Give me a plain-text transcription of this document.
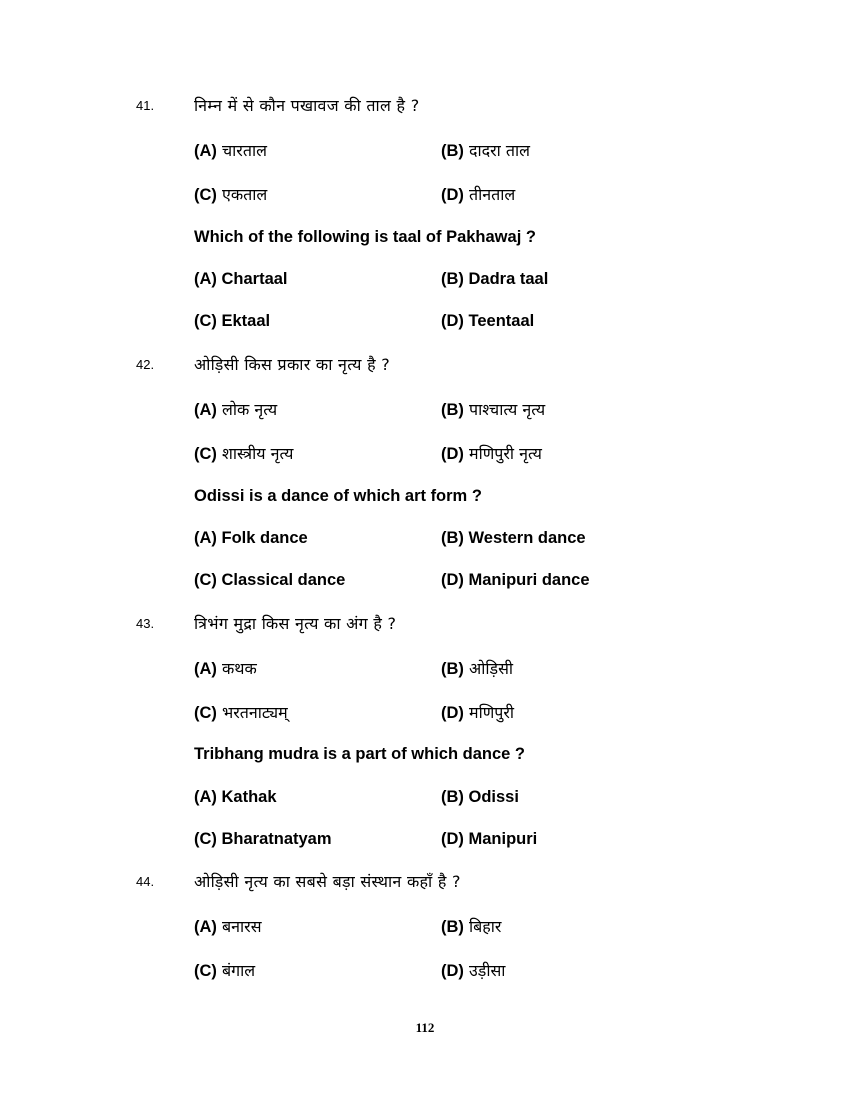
41. निम्न में से कौन पखावज की ताल है ?
(A) चारताल	(B) दादरा ताल
(C) एकताल	(D) तीनताल
Which of the following is taal of Pakhawaj ?
(A) Chartaal	(B) Dadra taal
(C) Ektaal	(D) Teentaal
42. ओड़िसी किस प्रकार का नृत्य है ?
(A) लोक नृत्य	(B) पाश्चात्य नृत्य
(C) शास्त्रीय नृत्य	(D) मणिपुरी नृत्य
Odissi is a dance of which art form ?
(A) Folk dance	(B) Western dance
(C) Classical dance	(D) Manipuri dance
43. त्रिभंग मुद्रा किस नृत्य का अंग है ?
(A) कथक	(B) ओड़िसी
(C) भरतनाट्यम्	(D) मणिपुरी
Tribhang mudra is a part of which dance ?
(A) Kathak	(B) Odissi
(C) Bharatnatyam	(D) Manipuri
44. ओड़िसी नृत्य का सबसे बड़ा संस्थान कहाँ है ?
(A) बनारस	(B) बिहार
(C) बंगाल	(D) उड़ीसा
112
